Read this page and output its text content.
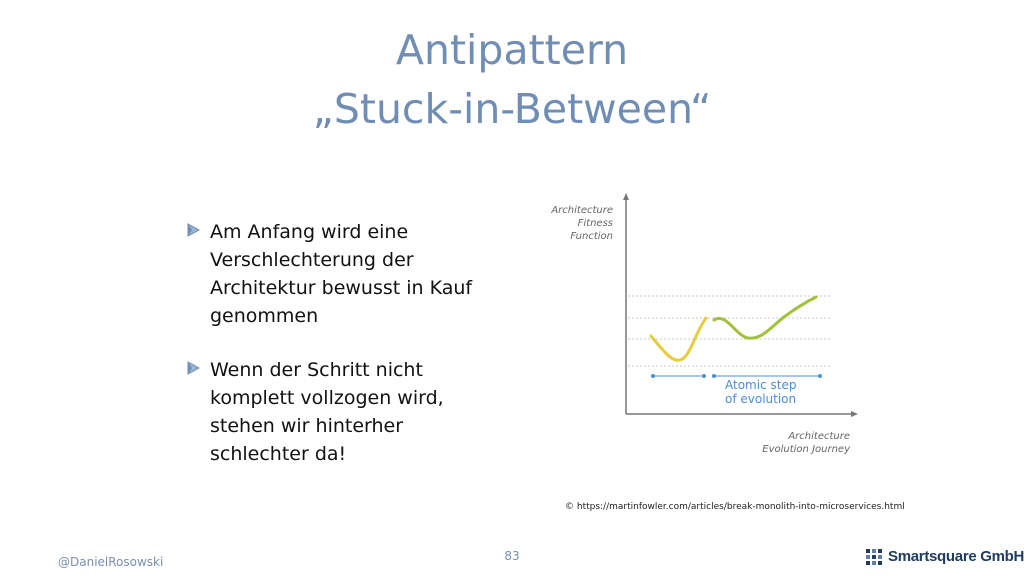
Antipattern
„Stuck-in-Between“
Am Anfang wird eine
Verschlechterung der
Architektur bewusst in Kauf
genommen
Wenn der Schritt nicht
komplett vollzogen wird,
stehen wir hinterher
schlechter da!
Architecture
Fitness
Function
Atomic step
of evolution
Architecture
Evolution Journey
© https://martinfowler.com/articles/break-monolith-into-microservices.html
@DanielRosowski	83	Smartsquare GmbH
